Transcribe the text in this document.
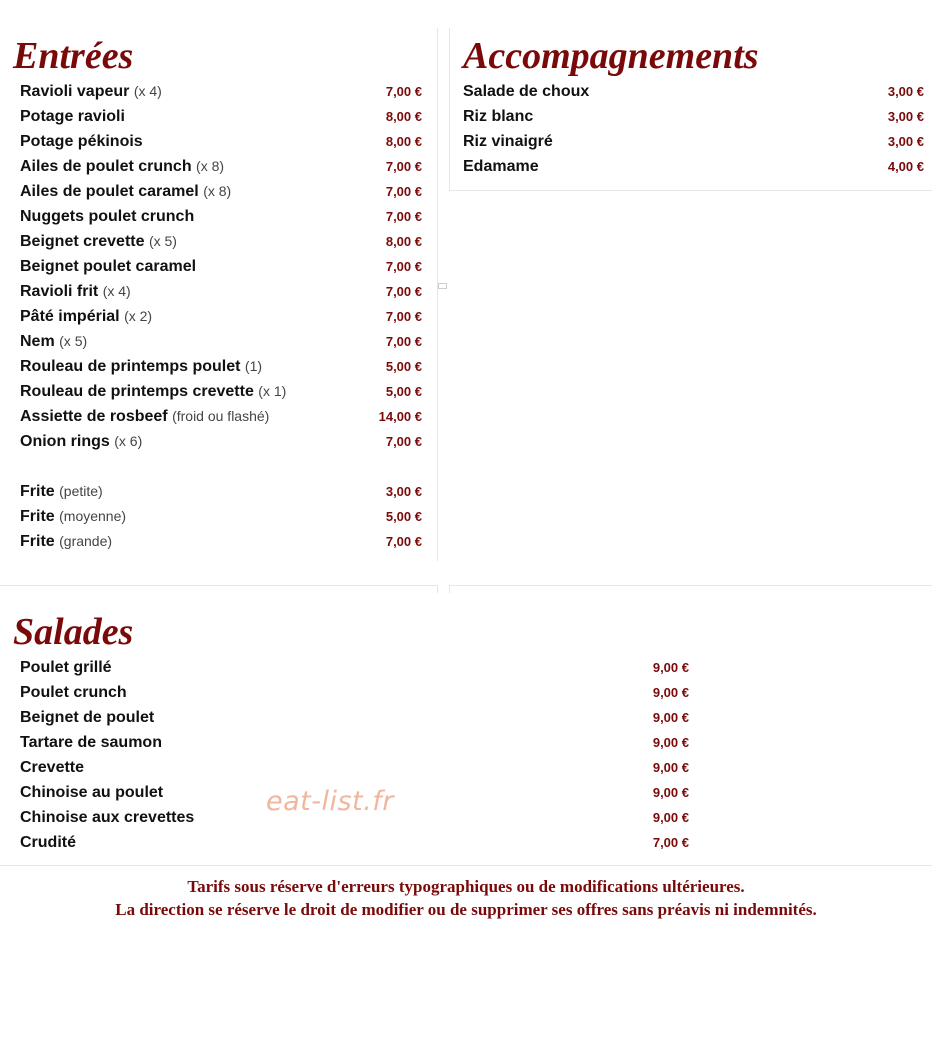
Entrées
Ravioli vapeur (x 4)	7,00 €
Potage ravioli	8,00 €
Potage pékinois	8,00 €
Ailes de poulet crunch (x 8)	7,00 €
Ailes de poulet caramel (x 8)	7,00 €
Nuggets poulet crunch	7,00 €
Beignet crevette (x 5)	8,00 €
Beignet poulet caramel	7,00 €
Ravioli frit (x 4)	7,00 €
Pâté impérial (x 2)	7,00 €
Nem (x 5)	7,00 €
Rouleau de printemps poulet (1)	5,00 €
Rouleau de printemps crevette (x 1)	5,00 €
Assiette de rosbeef (froid ou flashé)	14,00 €
Onion rings (x 6)	7,00 €
Frite (petite)	3,00 €
Frite (moyenne)	5,00 €
Frite (grande)	7,00 €
Accompagnements
Salade de choux	3,00 €
Riz blanc	3,00 €
Riz vinaigré	3,00 €
Edamame	4,00 €
Salades
Poulet grillé	9,00 €
Poulet crunch	9,00 €
Beignet de poulet	9,00 €
Tartare de saumon	9,00 €
Crevette	9,00 €
Chinoise au poulet	9,00 €
Chinoise aux crevettes	9,00 €
Crudité	7,00 €
eat-list.fr
Tarifs sous réserve d'erreurs typographiques ou de modifications ultérieures.
La direction se réserve le droit de modifier ou de supprimer ses offres sans préavis ni indemnités.
